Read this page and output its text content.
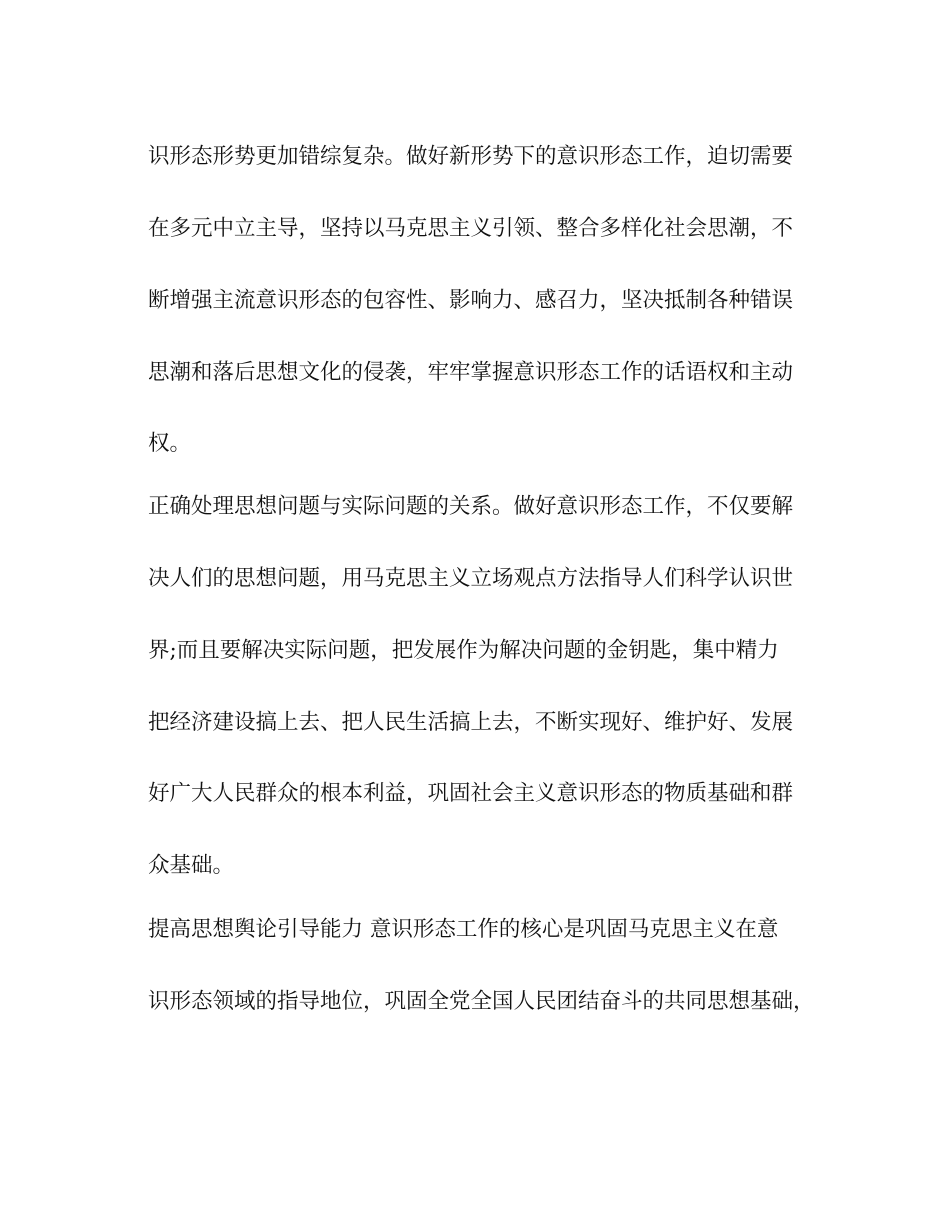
识形态形势更加错综复杂。做好新形势下的意识形态工作，迫切需要
在多元中立主导，坚持以马克思主义引领、整合多样化社会思潮，不
断增强主流意识形态的包容性、影响力、感召力，坚决抵制各种错误
思潮和落后思想文化的侵袭，牢牢掌握意识形态工作的话语权和主动
权。
正确处理思想问题与实际问题的关系。做好意识形态工作，不仅要解
决人们的思想问题，用马克思主义立场观点方法指导人们科学认识世
界;而且要解决实际问题，把发展作为解决问题的金钥匙，集中精力
把经济建设搞上去、把人民生活搞上去，不断实现好、维护好、发展
好广大人民群众的根本利益，巩固社会主义意识形态的物质基础和群
众基础。
提高思想舆论引导能力 意识形态工作的核心是巩固马克思主义在意
识形态领域的指导地位，巩固全党全国人民团结奋斗的共同思想基础，
